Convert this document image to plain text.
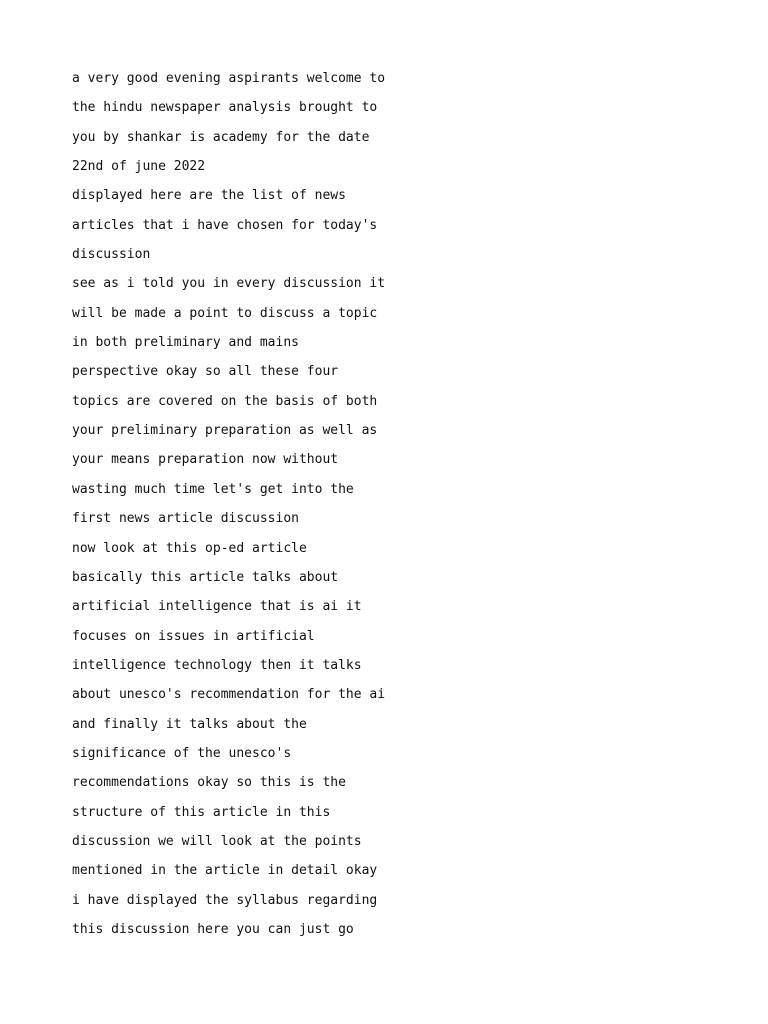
a very good evening aspirants welcome to
the hindu newspaper analysis brought to
you by shankar is academy for the date
22nd of june 2022
displayed here are the list of news
articles that i have chosen for today's
discussion
see as i told you in every discussion it
will be made a point to discuss a topic
in both preliminary and mains
perspective okay so all these four
topics are covered on the basis of both
your preliminary preparation as well as
your means preparation now without
wasting much time let's get into the
first news article discussion
now look at this op-ed article
basically this article talks about
artificial intelligence that is ai it
focuses on issues in artificial
intelligence technology then it talks
about unesco's recommendation for the ai
and finally it talks about the
significance of the unesco's
recommendations okay so this is the
structure of this article in this
discussion we will look at the points
mentioned in the article in detail okay
i have displayed the syllabus regarding
this discussion here you can just go
